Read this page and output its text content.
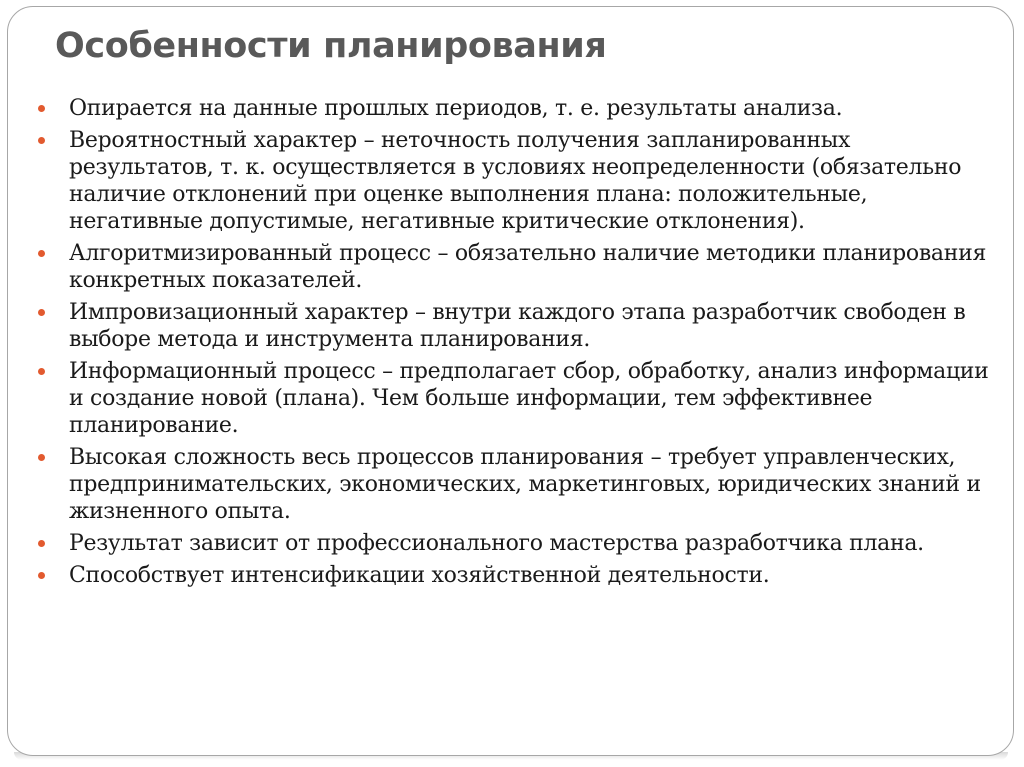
Особенности планирования
Опирается на данные прошлых периодов, т. е. результаты анализа.
Вероятностный характер – неточность получения запланированных результатов, т. к. осуществляется в условиях неопределенности (обязательно наличие отклонений при оценке выполнения плана: положительные, негативные допустимые, негативные критические отклонения).
Алгоритмизированный процесс – обязательно наличие методики планирования конкретных показателей.
Импровизационный характер – внутри каждого этапа разработчик свободен в выборе метода и инструмента планирования.
Информационный процесс – предполагает сбор, обработку, анализ информации и создание новой (плана). Чем больше информации, тем эффективнее планирование.
Высокая сложность весь процессов планирования – требует управленческих, предпринимательских, экономических, маркетинговых, юридических знаний и жизненного опыта.
Результат зависит от профессионального мастерства разработчика плана.
Способствует интенсификации хозяйственной деятельности.
